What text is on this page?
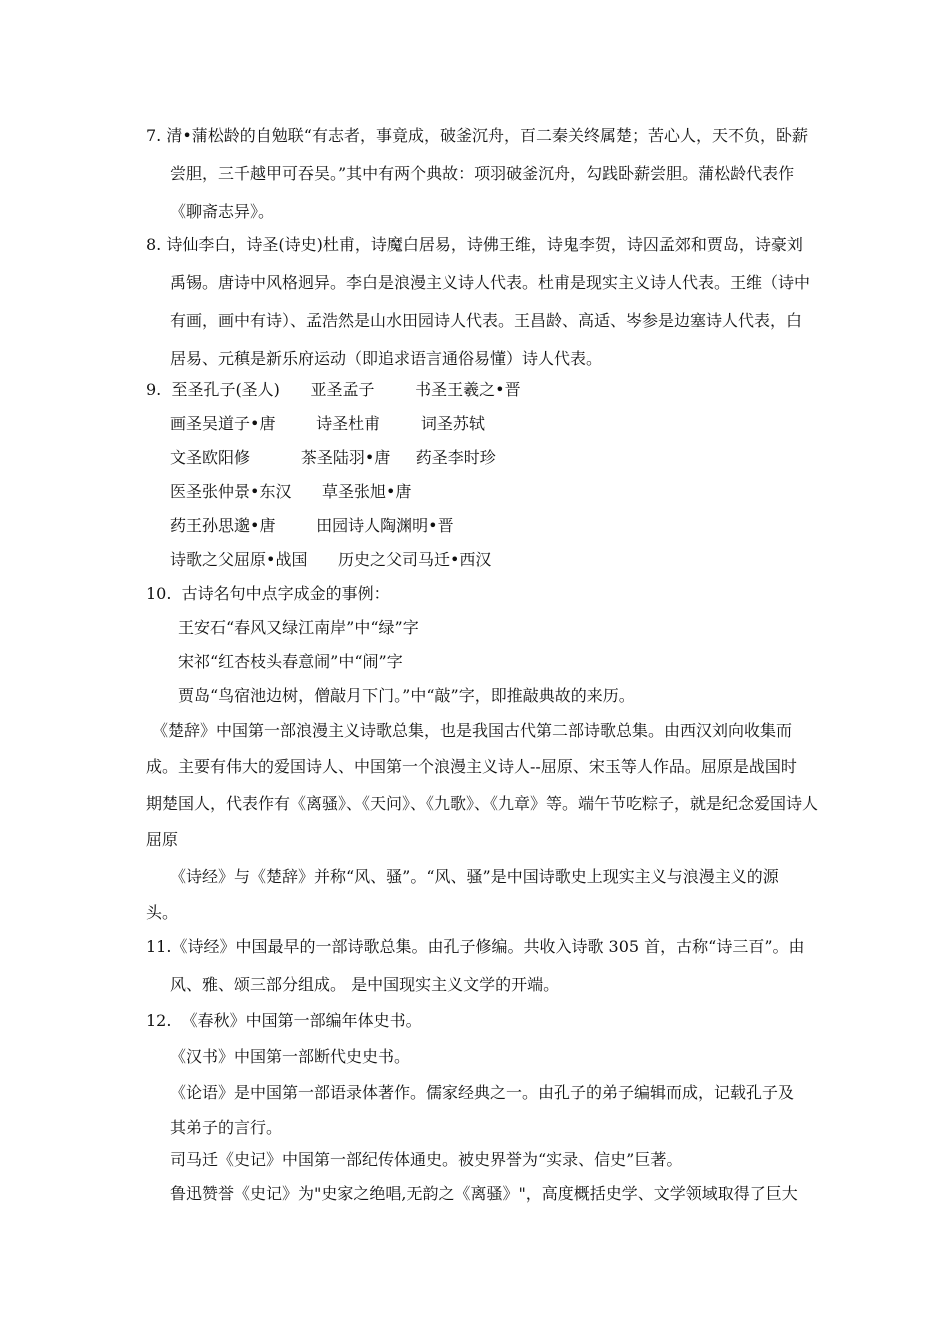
7. 清•蒲松龄的自勉联“有志者，事竟成，破釜沉舟，百二秦关终属楚；苦心人，天不负，卧薪
尝胆，三千越甲可吞吴。”其中有两个典故：项羽破釜沉舟，勾践卧薪尝胆。蒲松龄代表作
《聊斋志异》。
8. 诗仙李白，诗圣(诗史)杜甫，诗魔白居易，诗佛王维，诗鬼李贺，诗囚孟郊和贾岛，诗豪刘
禹锡。唐诗中风格迥异。李白是浪漫主义诗人代表。杜甫是现实主义诗人代表。王维（诗中
有画，画中有诗）、孟浩然是山水田园诗人代表。王昌龄、高适、岑参是边塞诗人代表，白
居易、元稹是新乐府运动（即追求语言通俗易懂）诗人代表。
9.  至圣孔子(圣人)      亚圣孟子        书圣王羲之•晋
画圣吴道子•唐        诗圣杜甫        词圣苏轼
文圣欧阳修          茶圣陆羽•唐     药圣李时珍
医圣张仲景•东汉      草圣张旭•唐
药王孙思邈•唐        田园诗人陶渊明•晋
诗歌之父屈原•战国      历史之父司马迁•西汉
10.  古诗名句中点字成金的事例：
王安石“春风又绿江南岸”中“绿”字
宋祁“红杏枝头春意闹”中“闹”字
贾岛“鸟宿池边树，僧敲月下门。”中“敲”字，即推敲典故的来历。
《楚辞》中国第一部浪漫主义诗歌总集，也是我国古代第二部诗歌总集。由西汉刘向收集而
成。主要有伟大的爱国诗人、中国第一个浪漫主义诗人--屈原、宋玉等人作品。屈原是战国时
期楚国人，代表作有《离骚》、《天问》、《九歌》、《九章》等。端午节吃粽子，就是纪念爱国诗人
屈原
《诗经》与《楚辞》并称“风、骚”。“风、骚”是中国诗歌史上现实主义与浪漫主义的源
头。
11.《诗经》中国最早的一部诗歌总集。由孔子修编。共收入诗歌 305 首，古称“诗三百”。由
风、雅、颂三部分组成。 是中国现实主义文学的开端。
12.  《春秋》中国第一部编年体史书。
《汉书》中国第一部断代史史书。
《论语》是中国第一部语录体著作。儒家经典之一。由孔子的弟子编辑而成，记载孔子及
其弟子的言行。
司马迁《史记》中国第一部纪传体通史。被史界誉为“实录、信史”巨著。
鲁迅赞誉《史记》为"史家之绝唱,无韵之《离骚》"，高度概括史学、文学领域取得了巨大
